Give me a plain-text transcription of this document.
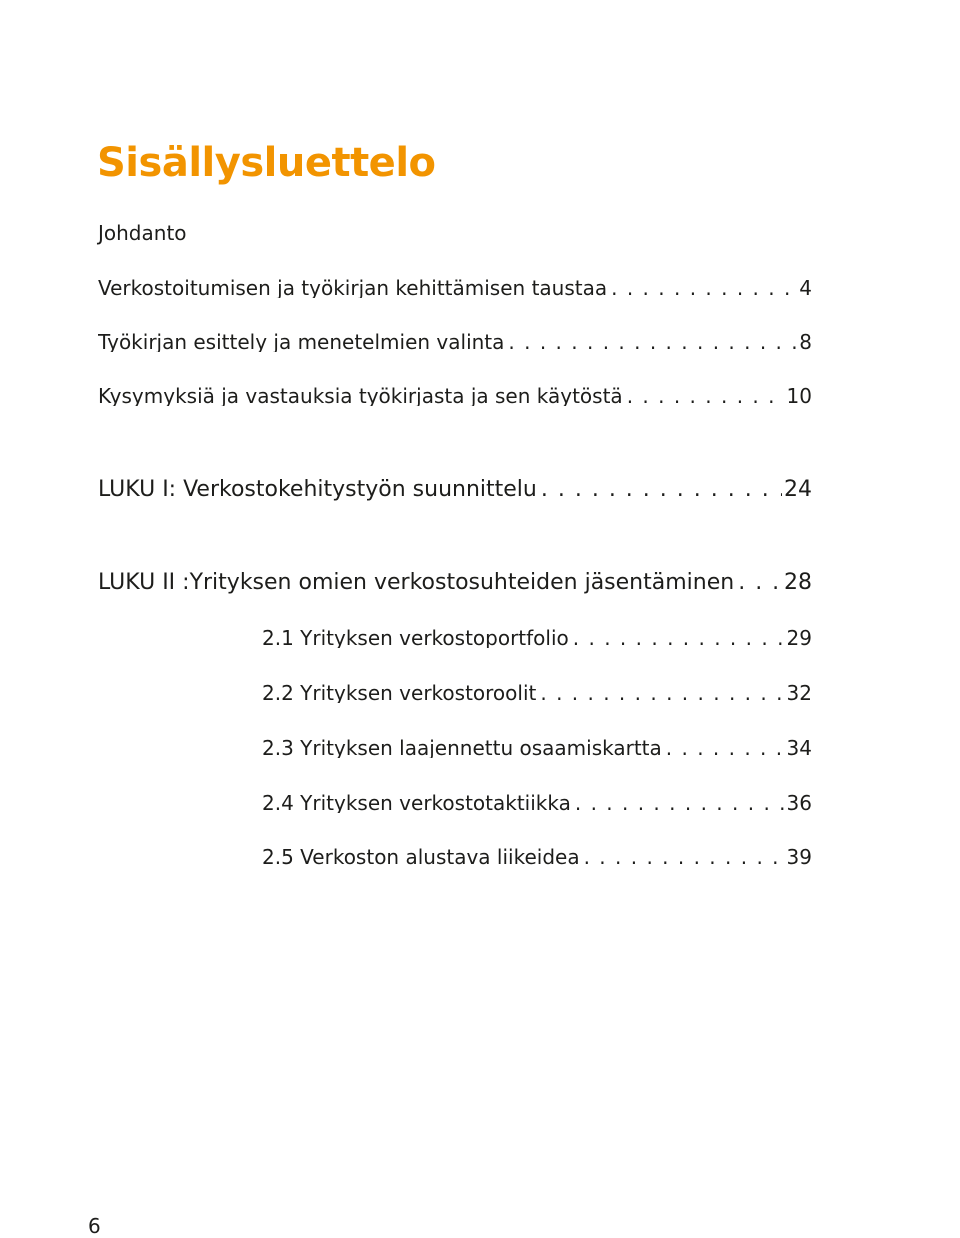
Sisällysluettelo
Johdanto
Verkostoitumisen ja työkirjan kehittämisen taustaa . . .	4
Työkirjan esittely ja menetelmien valinta . . .	8
Kysymyksiä ja vastauksia työkirjasta ja sen käytöstä . . .	10
LUKU I: Verkostokehitystyön suunnittelu . . .	24
LUKU II :Yrityksen omien verkostosuhteiden jäsentäminen . . . 28
2.1 Yrityksen verkostoportfolio . . .	29
2.2 Yrityksen verkostoroolit . . .	32
2.3 Yrityksen laajennettu osaamiskartta . . .	34
2.4 Yrityksen verkostotaktiikka . . .	36
2.5 Verkoston alustava liikeidea . . .	39
6
